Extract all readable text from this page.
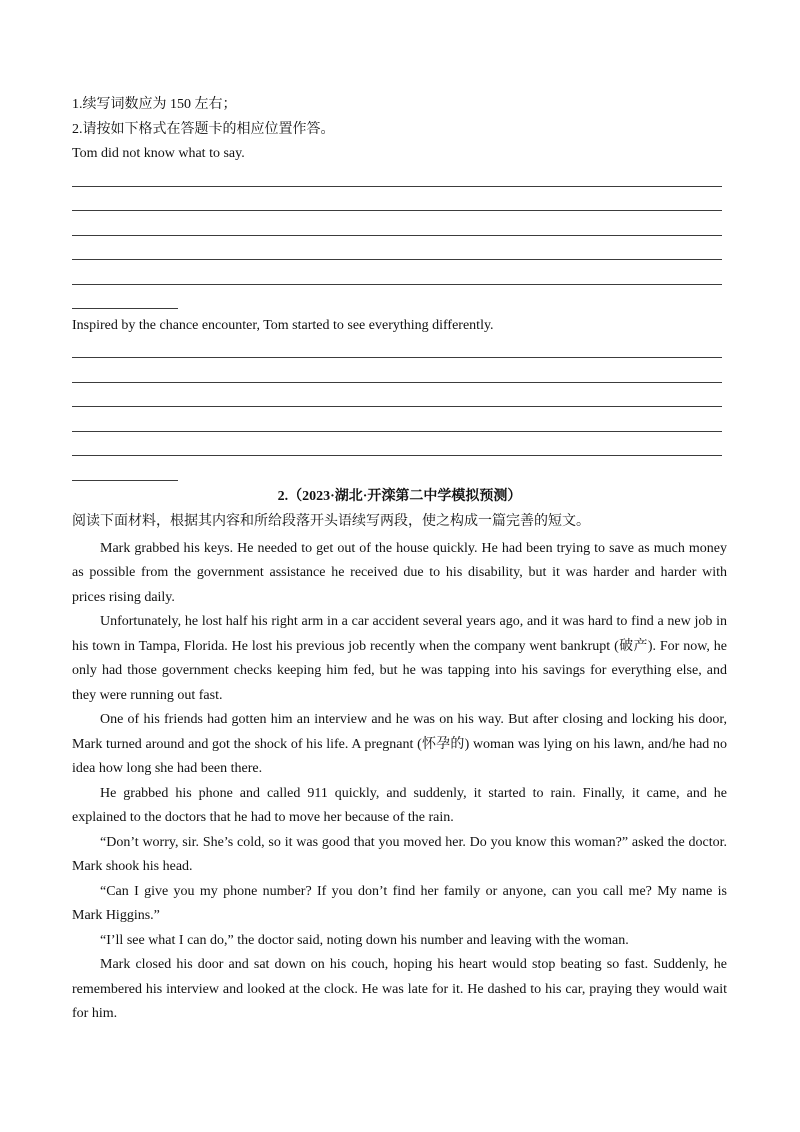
1.续写词数应为 150 左右；
2.请按如下格式在答题卡的相应位置作答。
Tom did not know what to say.
Inspired by the chance encounter, Tom started to see everything differently.
2.（2023·湖北·开滦第二中学模拟预测）
阅读下面材料，根据其内容和所给段落开头语续写两段，使之构成一篇完善的短文。
Mark grabbed his keys. He needed to get out of the house quickly. He had been trying to save as much money
as possible from the government assistance he received due to his disability, but it was harder and harder with
prices rising daily.
Unfortunately, he lost half his right arm in a car accident several years ago, and it was hard to find a new job in
his town in Tampa, Florida. He lost his previous job recently when the company went bankrupt (破产). For now, he
only had those government checks keeping him fed, but he was tapping into his savings for everything else, and
they were running out fast.
One of his friends had gotten him an interview and he was on his way. But after closing and locking his door,
Mark turned around and got the shock of his life. A pregnant (怀孕的) woman was lying on his lawn, and/he had no
idea how long she had been there.
He grabbed his phone and called 911 quickly, and suddenly, it started to rain. Finally, it came, and he
explained to the doctors that he had to move her because of the rain.
“Don’t worry, sir. She’s cold, so it was good that you moved her. Do you know this woman?” asked the doctor.
Mark shook his head.
“Can I give you my phone number? If you don’t find her family or anyone, can you call me? My name is
Mark Higgins.”
“I’ll see what I can do,” the doctor said, noting down his number and leaving with the woman.
Mark closed his door and sat down on his couch, hoping his heart would stop beating so fast. Suddenly, he
remembered his interview and looked at the clock. He was late for it. He dashed to his car, praying they would wait
for him.
